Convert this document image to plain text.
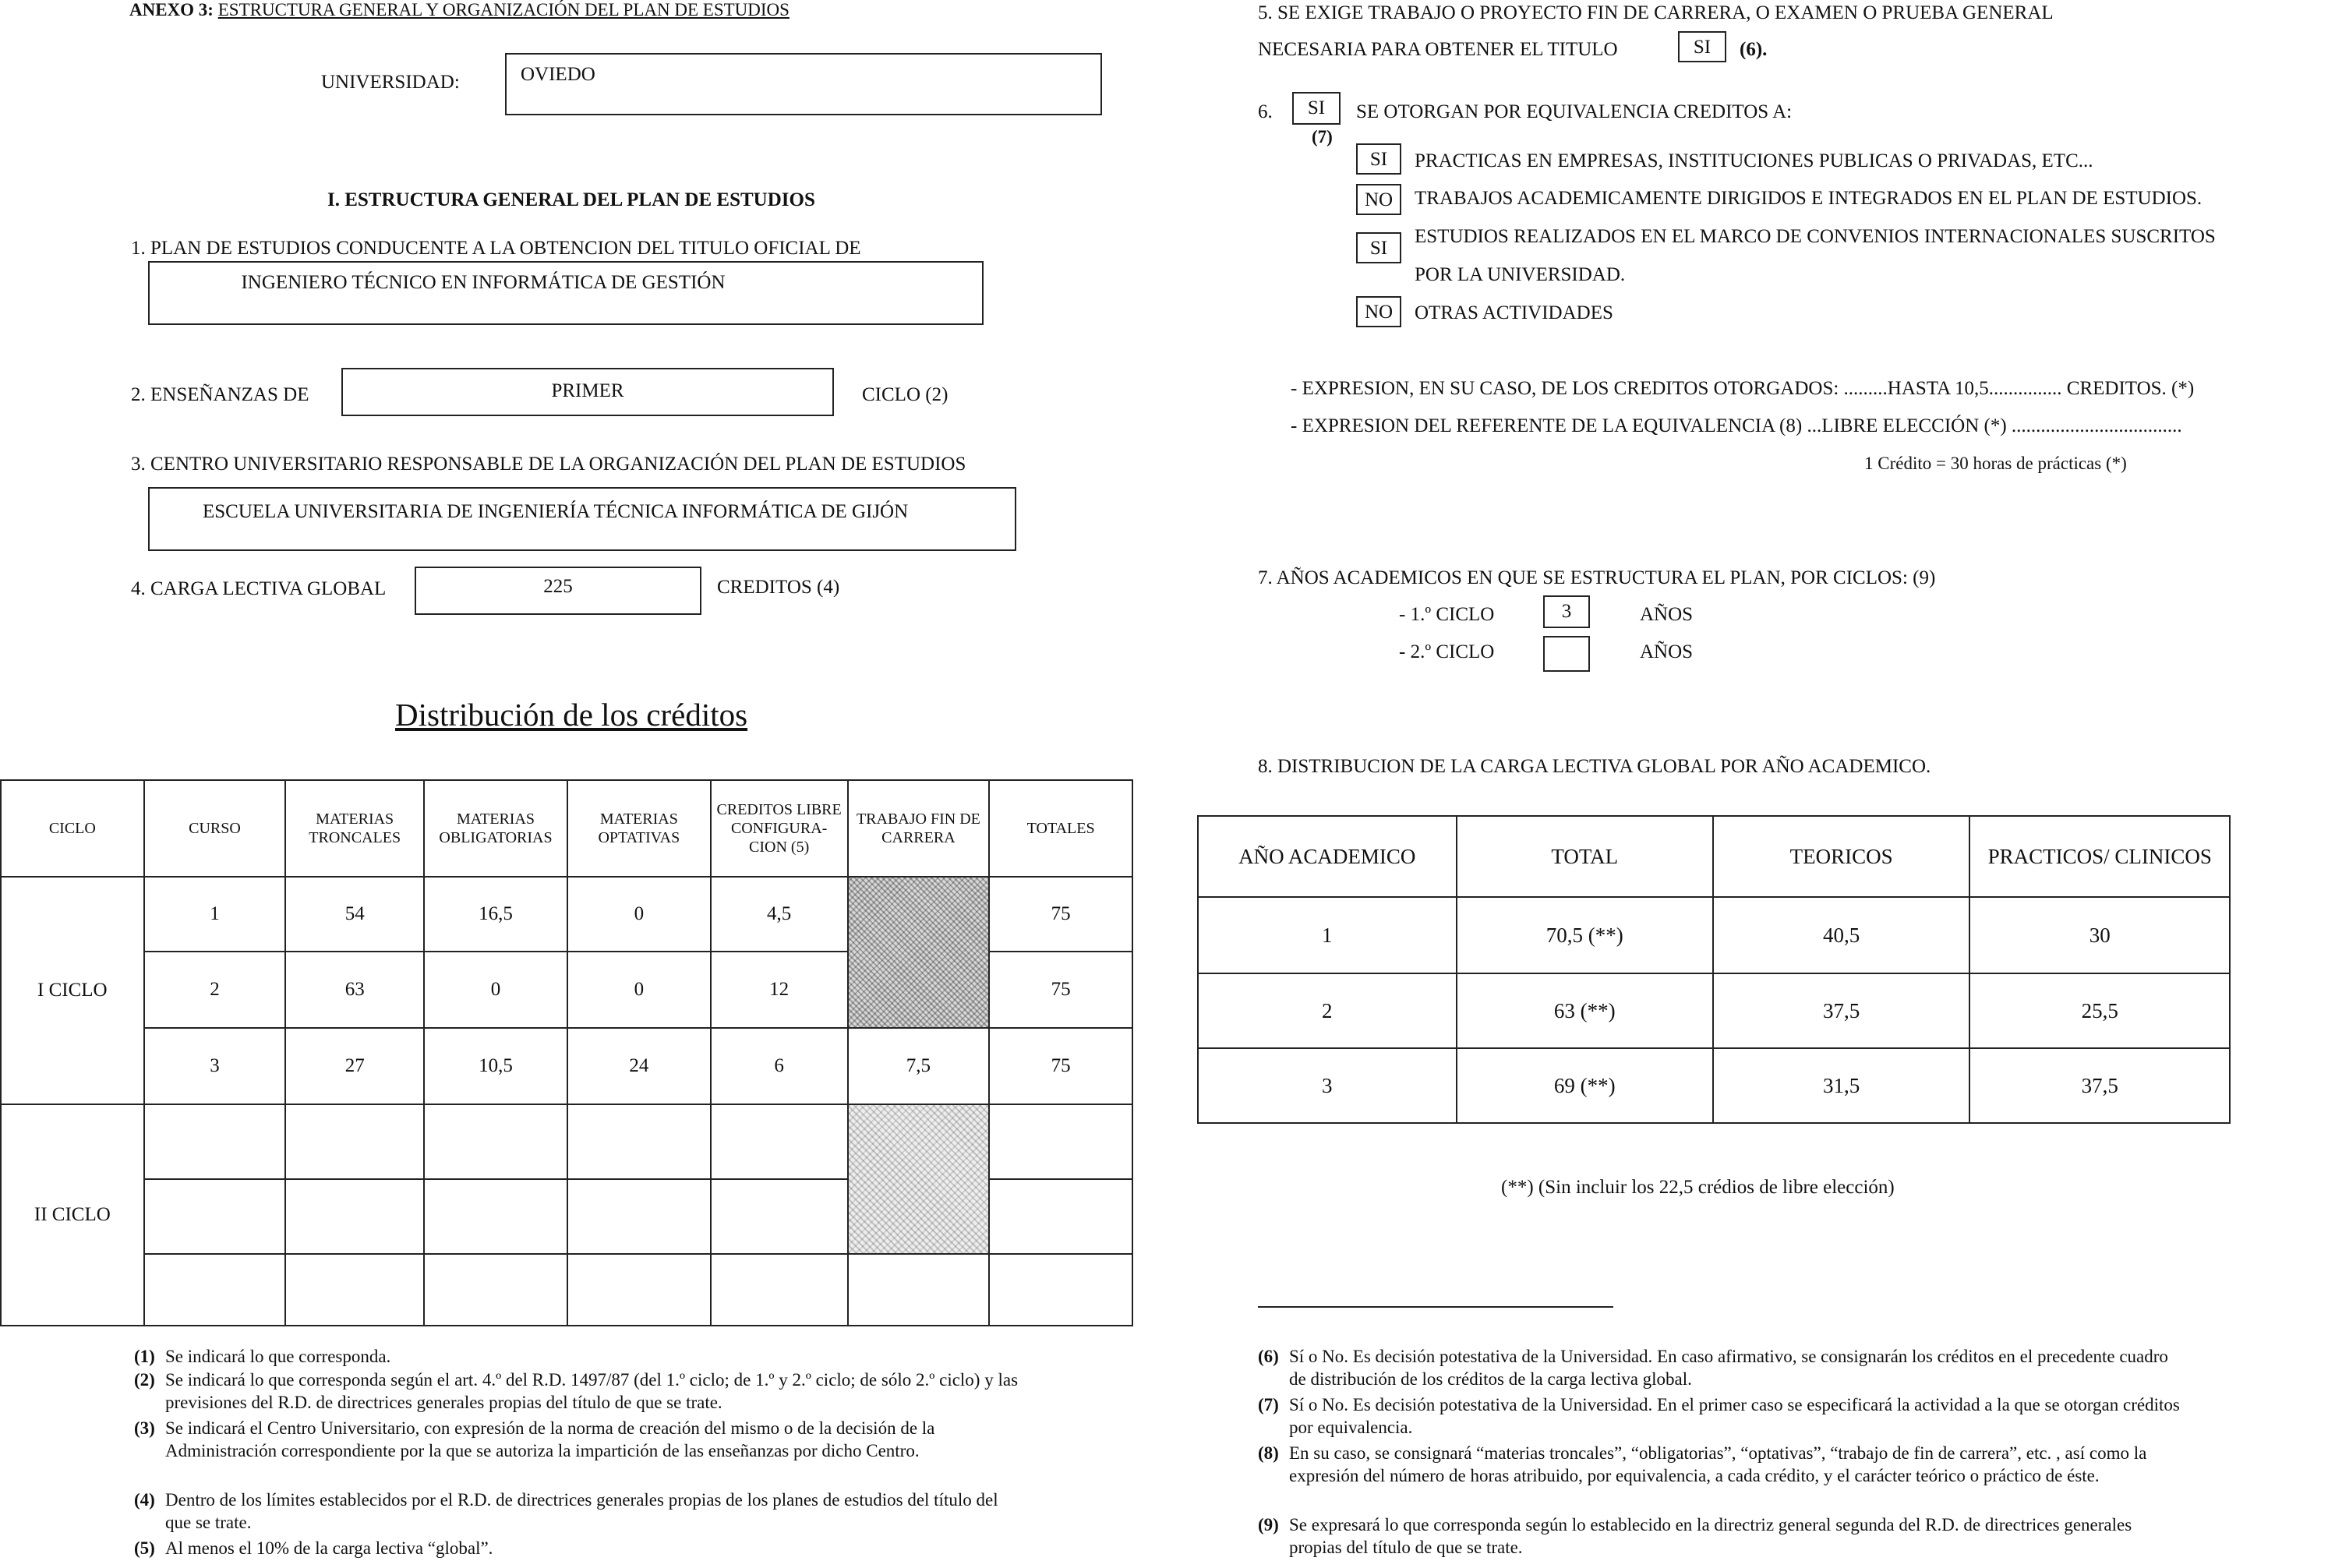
ANEXO 3: ESTRUCTURA GENERAL Y ORGANIZACIÓN DEL PLAN DE ESTUDIOS
UNIVERSIDAD:	OVIEDO
I. ESTRUCTURA GENERAL DEL PLAN DE ESTUDIOS
1. PLAN DE ESTUDIOS CONDUCENTE A LA OBTENCION DEL TITULO OFICIAL DE
INGENIERO TÉCNICO EN INFORMÁTICA DE GESTIÓN
2. ENSEÑANZAS DE	PRIMER	CICLO (2)
3. CENTRO UNIVERSITARIO RESPONSABLE DE LA ORGANIZACIÓN DEL PLAN DE ESTUDIOS
ESCUELA UNIVERSITARIA DE INGENIERÍA TÉCNICA INFORMÁTICA DE GIJÓN
4. CARGA LECTIVA GLOBAL	225	CREDITOS (4)
Distribución de los créditos
CICLO	CURSO	MATERIAS TRONCALES	MATERIAS OBLIGATORIAS	MATERIAS OPTATIVAS	CREDITOS LIBRE CONFIGURA- CION (5)	TRABAJO FIN DE CARRERA	TOTALES
I CICLO	1	54	16,5	0	4,5		75
	2	63	0	0	12		75
	3	27	10,5	24	6	7,5	75
II CICLO							

(1) Se indicará lo que corresponda.
(2) Se indicará lo que corresponda según el art. 4.º del R.D. 1497/87 (del 1.º ciclo; de 1.º y 2.º ciclo; de sólo 2.º ciclo) y las previsiones del R.D. de directrices generales propias del título de que se trate.
(3) Se indicará el Centro Universitario, con expresión de la norma de creación del mismo o de la decisión de la Administración correspondiente por la que se autoriza la impartición de las enseñanzas por dicho Centro.
(4) Dentro de los límites establecidos por el R.D. de directrices generales propias de los planes de estudios del título del que se trate.
(5) Al menos el 10% de la carga lectiva “global”.
5. SE EXIGE TRABAJO O PROYECTO FIN DE CARRERA, O EXAMEN O PRUEBA GENERAL
NECESARIA PARA OBTENER EL TITULO	SI	(6).
6.	SI
(7)
SE OTORGAN POR EQUIVALENCIA CREDITOS A:
SI	PRACTICAS EN EMPRESAS, INSTITUCIONES PUBLICAS O PRIVADAS, ETC...
NO	TRABAJOS ACADEMICAMENTE DIRIGIDOS E INTEGRADOS EN EL PLAN DE ESTUDIOS.
SI
ESTUDIOS REALIZADOS EN EL MARCO DE CONVENIOS INTERNACIONALES SUSCRITOS
POR LA UNIVERSIDAD.
NO	OTRAS ACTIVIDADES
- EXPRESION, EN SU CASO, DE LOS CREDITOS OTORGADOS: .........HASTA 10,5............... CREDITOS. (*)
- EXPRESION DEL REFERENTE DE LA EQUIVALENCIA (8) ...LIBRE ELECCIÓN (*) ...................................
1 Crédito = 30 horas de prácticas (*)
7. AÑOS ACADEMICOS EN QUE SE ESTRUCTURA EL PLAN, POR CICLOS: (9)
- 1.º CICLO	3	AÑOS
- 2.º CICLO	AÑOS
8. DISTRIBUCION DE LA CARGA LECTIVA GLOBAL POR AÑO ACADEMICO.
AÑO ACADEMICO	TOTAL	TEORICOS	PRACTICOS/ CLINICOS
1	70,5 (**)	40,5	30
2	63 (**)	37,5	25,5
3	69 (**)	31,5	37,5
(**) (Sin incluir los 22,5 crédios de libre elección)
(6) Sí o No. Es decisión potestativa de la Universidad. En caso afirmativo, se consignarán los créditos en el precedente cuadro de distribución de los créditos de la carga lectiva global.
(7) Sí o No. Es decisión potestativa de la Universidad. En el primer caso se especificará la actividad a la que se otorgan créditos por equivalencia.
(8) En su caso, se consignará “materias troncales”, “obligatorias”, “optativas”, “trabajo de fin de carrera”, etc. , así como la expresión del número de horas atribuido, por equivalencia, a cada crédito, y el carácter teórico o práctico de éste.
(9) Se expresará lo que corresponda según lo establecido en la directriz general segunda del R.D. de directrices generales propias del título de que se trate.
